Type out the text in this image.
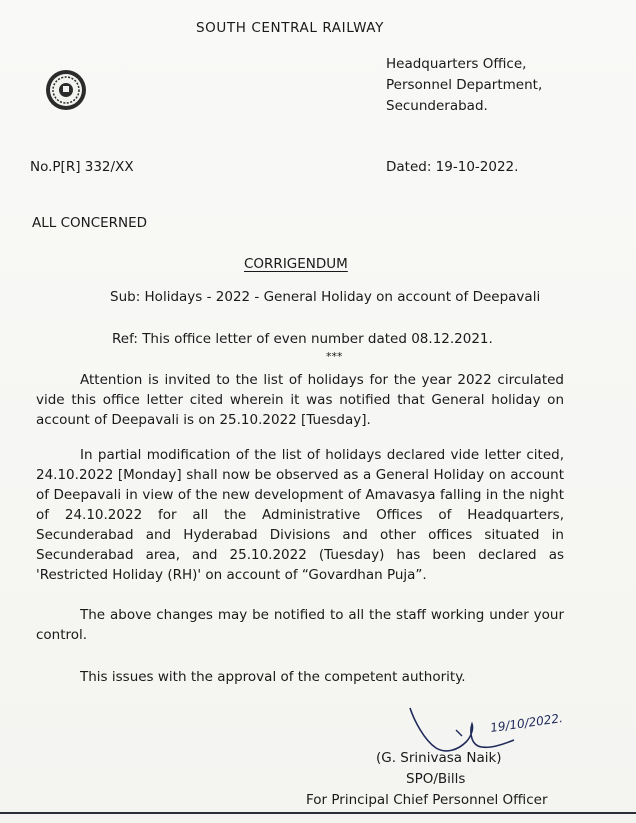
SOUTH CENTRAL RAILWAY
Headquarters Office,
Personnel Department,
Secunderabad.
No.P[R] 332/XX	Dated: 19-10-2022.
ALL CONCERNED
CORRIGENDUM
Sub: Holidays - 2022 - General Holiday on account of Deepavali
Ref: This office letter of even number dated 08.12.2021.
***
Attention is invited to the list of holidays for the year 2022 circulated vide this office letter cited wherein it was notified that General holiday on account of Deepavali is on 25.10.2022 [Tuesday].
In partial modification of the list of holidays declared vide letter cited, 24.10.2022 [Monday] shall now be observed as a General Holiday on account of Deepavali in view of the new development of Amavasya falling in the night of 24.10.2022 for all the Administrative Offices of Headquarters, Secunderabad and Hyderabad Divisions and other offices situated in Secunderabad area, and 25.10.2022 (Tuesday) has been declared as 'Restricted Holiday (RH)' on account of “Govardhan Puja”.
The above changes may be notified to all the staff working under your control.
This issues with the approval of the competent authority.
19/10/2022.
(G. Srinivasa Naik)
SPO/Bills
For Principal Chief Personnel Officer
